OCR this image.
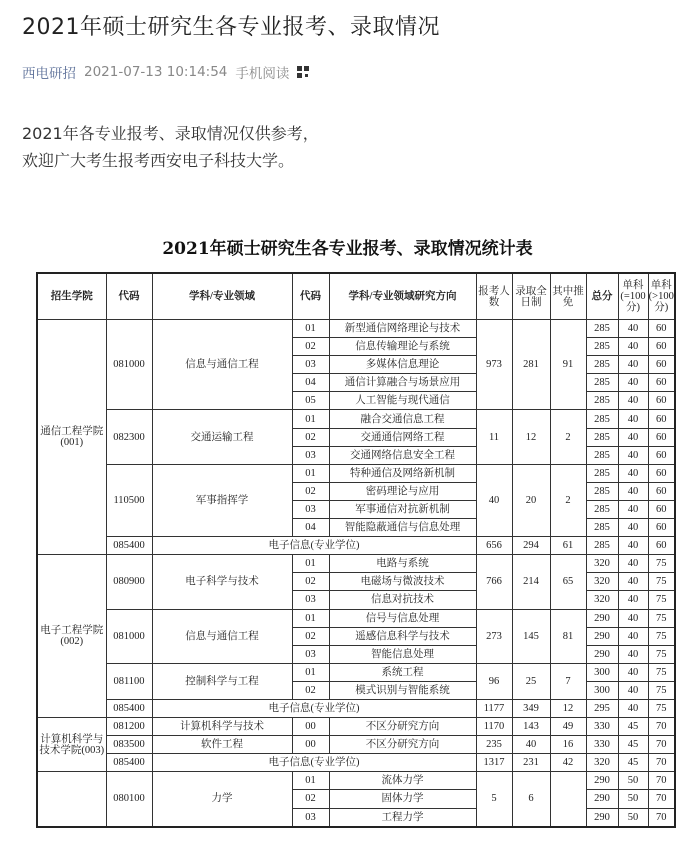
2021年硕士研究生各专业报考、录取情况
西电研招 2021-07-13 10:14:54 手机阅读
2021年各专业报考、录取情况仅供参考，
欢迎广大考生报考西安电子科技大学。
2021年硕士研究生各专业报考、录取情况统计表
招生学院	代码	学科/专业领域	代码	学科/专业领域研究方向	报考人数	录取全日制	其中推免	总分	单科(=100分)	单科(>100分)
通信工程学院(001)	081000	信息与通信工程	01	新型通信网络理论与技术	973	281	91	285	40	60
			02	信息传输理论与系统				285	40	60
			03	多媒体信息理论				285	40	60
			04	通信计算融合与场景应用				285	40	60
			05	人工智能与现代通信				285	40	60
	082300	交通运输工程	01	融合交通信息工程	11	12	2	285	40	60
			02	交通通信网络工程				285	40	60
			03	交通网络信息安全工程				285	40	60
	110500	军事指挥学	01	特种通信及网络新机制	40	20	2	285	40	60
			02	密码理论与应用				285	40	60
			03	军事通信对抗新机制				285	40	60
			04	智能隐蔽通信与信息处理				285	40	60
	085400	电子信息(专业学位)			656	294	61	285	40	60
电子工程学院(002)	080900	电子科学与技术	01	电路与系统	766	214	65	320	40	75
			02	电磁场与微波技术				320	40	75
			03	信息对抗技术				320	40	75
	081000	信息与通信工程	01	信号与信息处理	273	145	81	290	40	75
			02	遥感信息科学与技术				290	40	75
			03	智能信息处理				290	40	75
	081100	控制科学与工程	01	系统工程	96	25	7	300	40	75
			02	模式识别与智能系统				300	40	75
	085400	电子信息(专业学位)			1177	349	12	295	40	75
计算机科学与技术学院(003)	081200	计算机科学与技术	00	不区分研究方向	1170	143	49	330	45	70
	083500	软件工程	00	不区分研究方向	235	40	16	330	45	70
	085400	电子信息(专业学位)			1317	231	42	320	45	70
	080100	力学	01	流体力学	5	6		290	50	70
			02	固体力学				290	50	70
			03	工程力学				290	50	70
